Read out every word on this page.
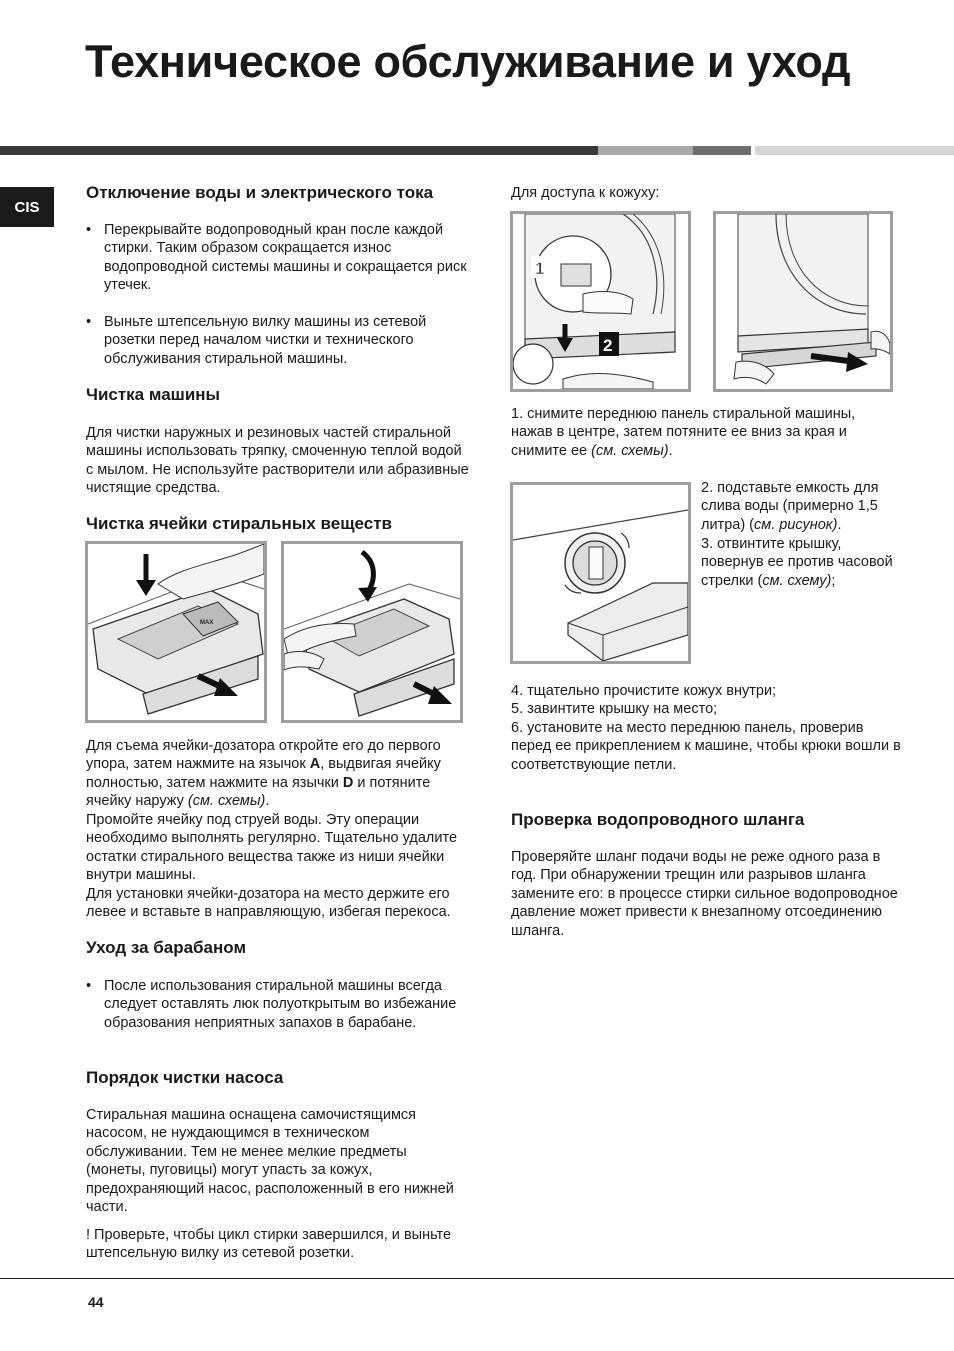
Техническое обслуживание и уход
CIS
Отключение воды и электрического тока
• Перекрывайте водопроводный кран после каждой стирки. Таким образом сокращается износ водопроводной системы машины и сокращается риск утечек.

• Выньте штепсельную вилку машины из сетевой розетки перед началом чистки и технического обслуживания стиральной машины.

Чистка машины

Для чистки наружных и резиновых частей стиральной машины использовать тряпку, смоченную теплой водой с мылом. Не используйте растворители или абразивные чистящие средства.

Чистка ячейки стиральных веществ
MAX

Для съема ячейки-дозатора откройте его до первого упора, затем нажмите на язычок A, выдвигая ячейку полностью, затем нажмите на язычки D и потяните ячейку наружу (см. схемы).

Промойте ячейку под струей воды. Эту операции необходимо выполнять регулярно. Тщательно удалите остатки стирального вещества также из ниши ячейки внутри машины.

Для установки ячейки-дозатора на место держите его левее и вставьте в направляющую, избегая перекоса.

Уход за барабаном
• После использования стиральной машины всегда следует оставлять люк полуоткрытым во избежание образования неприятных запахов в барабане.

Порядок чистки насоса

Стиральная машина оснащена самочистящимся насосом, не нуждающимся в техническом обслуживании. Тем не менее мелкие предметы (монеты, пуговицы) могут упасть за кожух, предохраняющий насос, расположенный в его нижней части.

! Проверьте, чтобы цикл стирки завершился, и выньте штепсельную вилку из сетевой розетки.

Для доступа к кожуху:

1
2

1. снимите переднюю панель стиральной машины, нажав в центре, затем потяните ее вниз за края и снимите ее (см. схемы).

2. подставьте емкость для слива воды (примерно 1,5 литра) (см. рисунок).

3. отвинтите крышку, повернув ее против часовой стрелки (см. схему);

4. тщательно прочистите кожух внутри;

5. завинтите крышку на место;

6. установите на место переднюю панель, проверив перед ее прикреплением к машине, чтобы крюки вошли в соответствующие петли.

Проверка водопроводного шланга

Проверяйте шланг подачи воды не реже одного раза в год. При обнаружении трещин или разрывов шланга замените его: в процессе стирки сильное водопроводное давление может привести к внезапному отсоединению шланга.

44
